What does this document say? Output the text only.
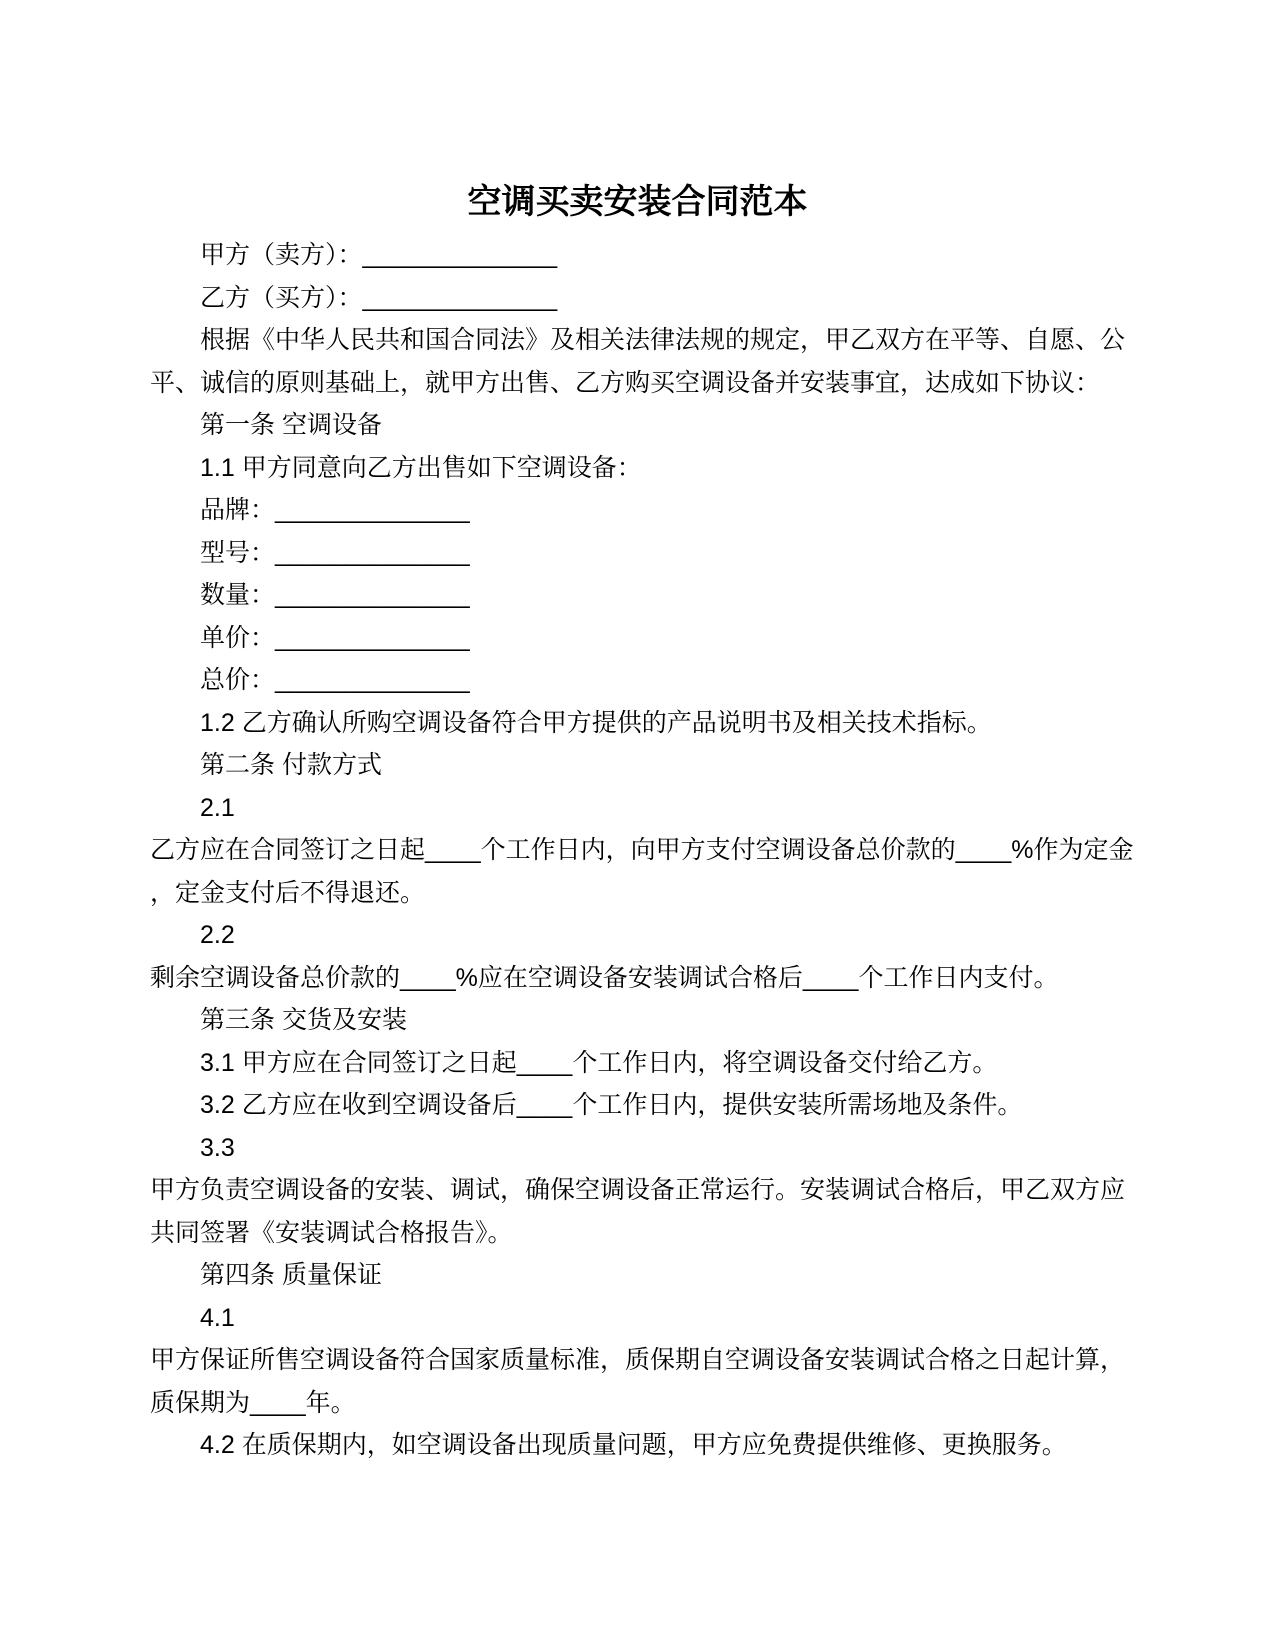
空调买卖安装合同范本
甲方（卖方）：______________
乙方（买方）：______________
根据《中华人民共和国合同法》及相关法律法规的规定，甲乙双方在平等、自愿、公
平、诚信的原则基础上，就甲方出售、乙方购买空调设备并安装事宜，达成如下协议：
第一条 空调设备
1.1 甲方同意向乙方出售如下空调设备：
品牌：______________
型号：______________
数量：______________
单价：______________
总价：______________
1.2 乙方确认所购空调设备符合甲方提供的产品说明书及相关技术指标。
第二条 付款方式
2.1
乙方应在合同签订之日起____个工作日内，向甲方支付空调设备总价款的____%作为定金
，定金支付后不得退还。
2.2
剩余空调设备总价款的____%应在空调设备安装调试合格后____个工作日内支付。
第三条 交货及安装
3.1 甲方应在合同签订之日起____个工作日内，将空调设备交付给乙方。
3.2 乙方应在收到空调设备后____个工作日内，提供安装所需场地及条件。
3.3
甲方负责空调设备的安装、调试，确保空调设备正常运行。安装调试合格后，甲乙双方应
共同签署《安装调试合格报告》。
第四条 质量保证
4.1
甲方保证所售空调设备符合国家质量标准，质保期自空调设备安装调试合格之日起计算，
质保期为____年。
4.2 在质保期内，如空调设备出现质量问题，甲方应免费提供维修、更换服务。
